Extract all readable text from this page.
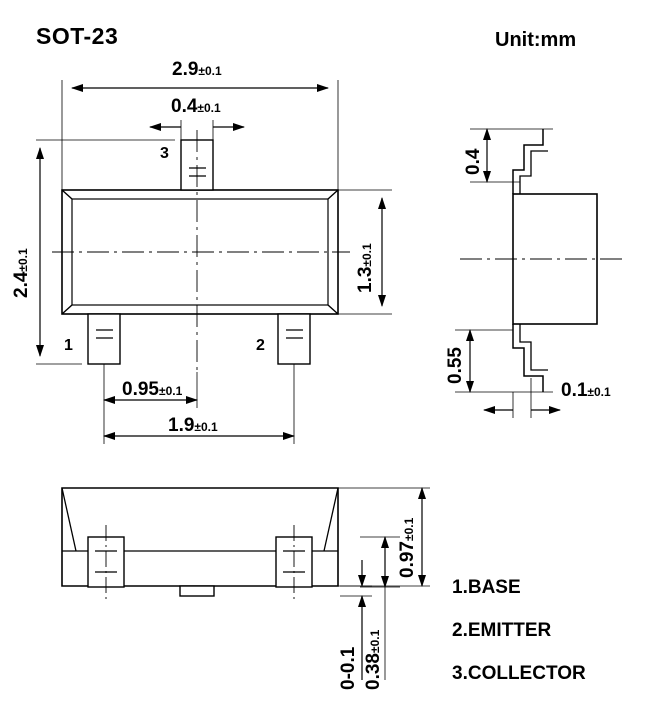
SOT-23	Unit:mm
2.9±0.1
0.4±0.1
2.4±0.1
1.3±0.1
0.95±0.1
1.9±0.1
1	2
3	0.4
0.55
0.1±0.1
0.97±0.1
0-0.1 0.38±0.1
1.BASE
2.EMITTER
3.COLLECTOR
